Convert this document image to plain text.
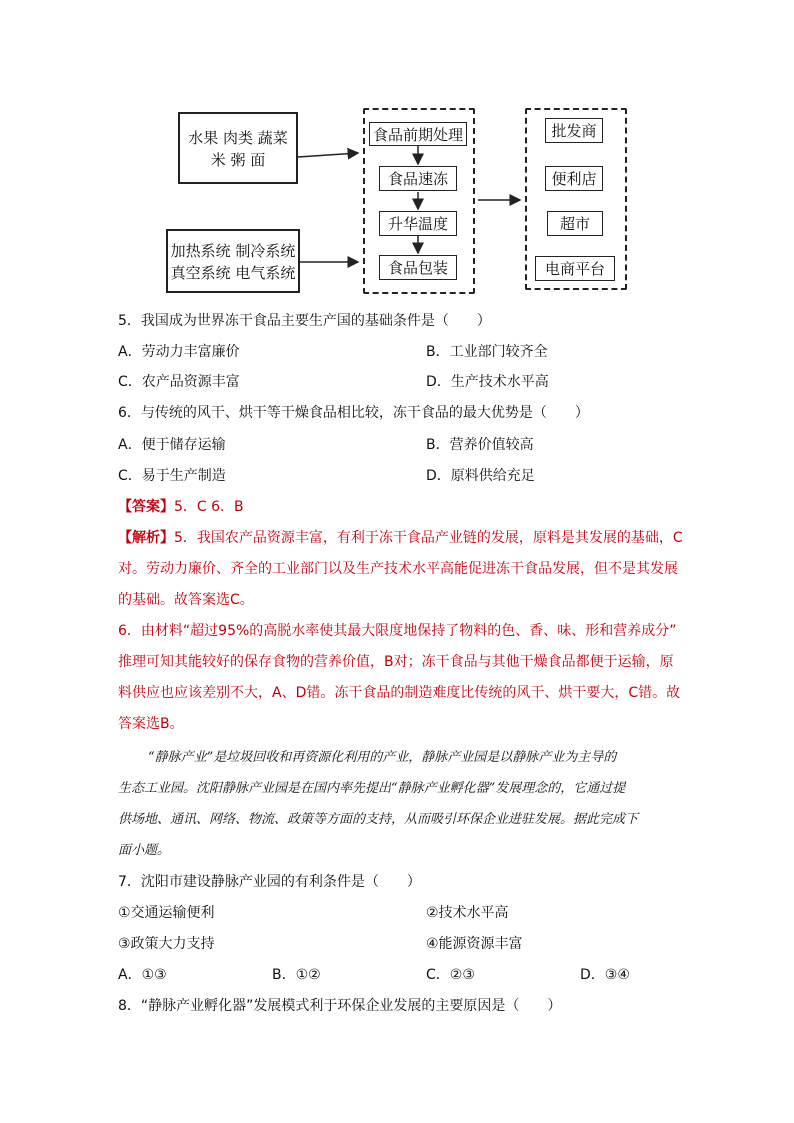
水果 肉类 蔬菜
米 粥 面
加热系统 制冷系统
真空系统 电气系统
食品前期处理
食品速冻
升华温度
食品包装
批发商
便利店
超市
电商平台
5．我国成为世界冻干食品主要生产国的基础条件是（　　）
A．劳动力丰富廉价	B．工业部门较齐全
C．农产品资源丰富	D．生产技术水平高
6．与传统的风干、烘干等干燥食品相比较，冻干食品的最大优势是（　　）
A．便于储存运输	B．营养价值较高
C．易于生产制造	D．原料供给充足
【答案】5．C 6．B
【解析】5．我国农产品资源丰富，有利于冻干食品产业链的发展，原料是其发展的基础，C
对。劳动力廉价、齐全的工业部门以及生产技术水平高能促进冻干食品发展，但不是其发展
的基础。故答案选C。
6．由材料“超过95%的高脱水率使其最大限度地保持了物料的色、香、味、形和营养成分”
推理可知其能较好的保存食物的营养价值，B对；冻干食品与其他干燥食品都便于运输，原
料供应也应该差别不大，A、D错。冻干食品的制造难度比传统的风干、烘干要大，C错。故
答案选B。
“静脉产业”是垃圾回收和再资源化利用的产业，静脉产业园是以静脉产业为主导的
生态工业园。沈阳静脉产业园是在国内率先提出“静脉产业孵化器”发展理念的，它通过提
供场地、通讯、网络、物流、政策等方面的支持，从而吸引环保企业进驻发展。据此完成下
面小题。
7．沈阳市建设静脉产业园的有利条件是（　　）
①交通运输便利	②技术水平高
③政策大力支持	④能源资源丰富
A．①③	B．①②	C．②③	D．③④
8．“静脉产业孵化器”发展模式利于环保企业发展的主要原因是（　　）
